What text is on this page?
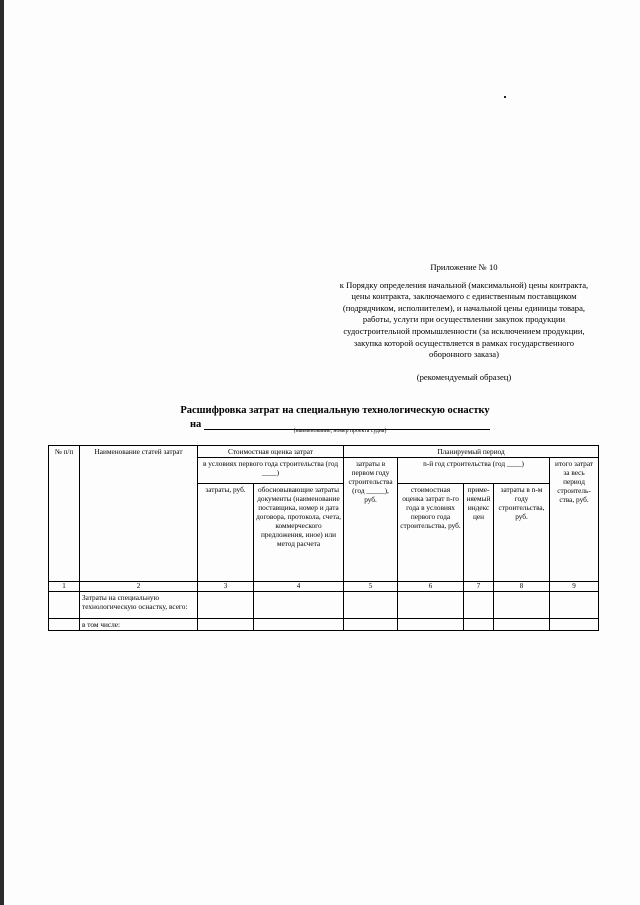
Приложение № 10
к Порядку определения начальной (максимальной) цены контракта,
цены контракта, заключаемого с единственным поставщиком
(подрядчиком, исполнителем), и начальной цены единицы товара,
работы, услуги при осуществлении закупок продукции
судостроительной промышленности (за исключением продукции,
закупка которой осуществляется в рамках государственного
оборонного заказа)
(рекомендуемый образец)
Расшифровка затрат на специальную технологическую оснастку
на
(наименование, номер проекта судна)
№ п/п	Наименование статей затрат	Стоимостная оценка затрат		Планируемый период				
		в условиях первого года строительства (год ____)		затраты в первом году строительства (год _____), руб.	n-й год строительства (год ____)			итого затрат за весь период строитель- ства, руб.
		затраты, руб.	обосновывающие затраты документы (наименование поставщика, номер и дата договора, протокола, счета, коммерческого предложения, иное) или метод расчета		стоимостная оценка затрат n-го года в условиях первого года строительства, руб.	приме- няемый индекс цен	затраты в n-м году строительства, руб.	
1	2	3	4	5	6	7	8	9
	Затраты на специальную технологическую оснастку, всего:							
	в том числе:							
